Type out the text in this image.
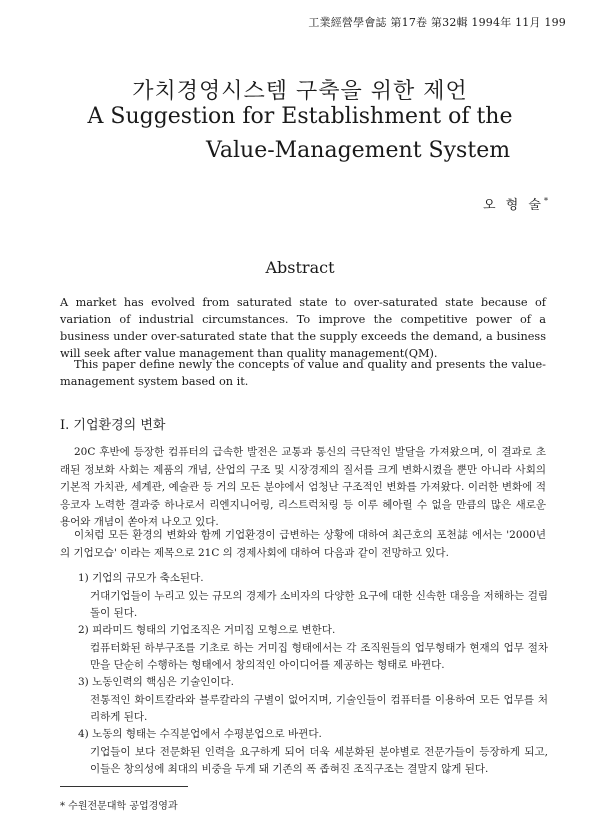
工業經營學會誌 第17卷 第32輯 1994年 11月 199
가치경영시스템 구축을 위한 제언
A Suggestion for Establishment of the
Value-Management System
오 형 술*
Abstract

A market has evolved from saturated state to over-saturated state because of variation of industrial circumstances. To improve the competitive power of a business under over-saturated state that the supply exceeds the demand, a business will seek after value management than quality management(QM).

This paper define newly the concepts of value and quality and presents the value-management system based on it.

I. 기업환경의 변화

20C 후반에 등장한 컴퓨터의 급속한 발전은 교통과 통신의 극단적인 발달을 가져왔으며, 이 결과로 초래된 정보화 사회는 제품의 개념, 산업의 구조 및 시장경제의 질서를 크게 변화시켰을 뿐만 아니라 사회의 기본적 가치관, 세계관, 예술관 등 거의 모든 분야에서 엄청난 구조적인 변화를 가져왔다. 이러한 변화에 적응코자 노력한 결과중 하나로서 리엔지니어링, 리스트럭처링 등 이루 헤아릴 수 없을 만큼의 많은 새로운 용어와 개념이 쏟아져 나오고 있다.

이처럼 모든 환경의 변화와 함께 기업환경이 급변하는 상황에 대하여 최근호의 포천誌 에서는 '2000년의 기업모습' 이라는 제목으로 21C 의 경제사회에 대하여 다음과 같이 전망하고 있다.

1) 기업의 규모가 축소된다.
거대기업들이 누리고 있는 규모의 경제가 소비자의 다양한 요구에 대한 신속한 대응을 저해하는 걸림돌이 된다.
2) 피라미드 형태의 기업조직은 거미집 모형으로 변한다.
컴퓨터화된 하부구조를 기초로 하는 거미집 형태에서는 각 조직원들의 업무형태가 현재의 업무 절차만을 단순히 수행하는 형태에서 창의적인 아이디어를 제공하는 형태로 바뀐다.
3) 노동인력의 핵심은 기술인이다.
전통적인 화이트칼라와 블루칼라의 구별이 없어지며, 기술인들이 컴퓨터를 이용하여 모든 업무를 처리하게 된다.
4) 노동의 형태는 수직분업에서 수평분업으로 바뀐다.
기업들이 보다 전문화된 인력을 요구하게 되어 더욱 세분화된 분야별로 전문가들이 등장하게 되고, 이들은 창의성에 최대의 비중을 두게 돼 기존의 폭 좁혀진 조직구조는 결말지 않게 된다.
* 수원전문대학 공업경영과
